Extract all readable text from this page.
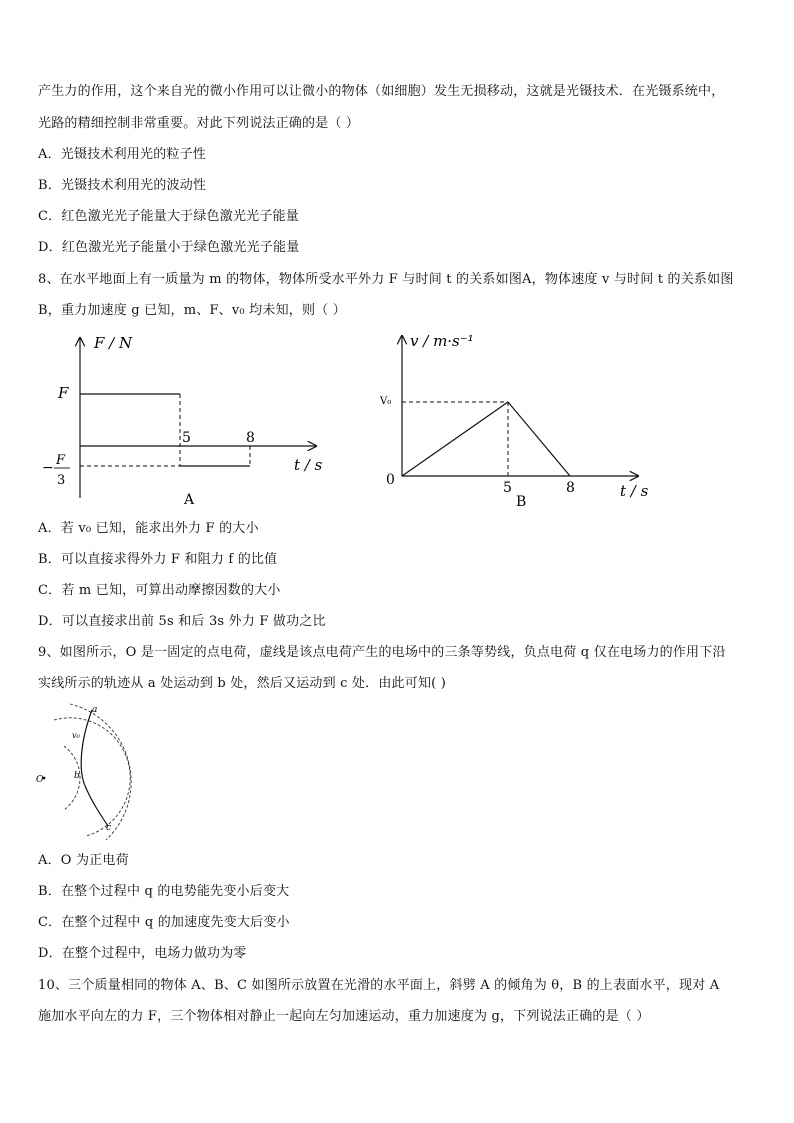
产生力的作用，这个来自光的微小作用可以让微小的物体（如细胞）发生无损移动，这就是光镊技术．在光镊系统中，
光路的精细控制非常重要。对此下列说法正确的是（ ）
A．光镊技术利用光的粒子性
B．光镊技术利用光的波动性
C．红色激光光子能量大于绿色激光光子能量
D．红色激光光子能量小于绿色激光光子能量
8、在水平地面上有一质量为 m 的物体，物体所受水平外力 F 与时间 t 的关系如图A，物体速度 v 与时间 t 的关系如图
B，重力加速度 g 已知，m、F、v₀ 均未知，则（ ）
F / N
F
5	8
t / s
− F
3
A
v / m·s⁻¹
V₀
0	5	8	t / s
B
A．若 v₀ 已知，能求出外力 F 的大小
B．可以直接求得外力 F 和阻力 f 的比值
C．若 m 已知，可算出动摩擦因数的大小
D．可以直接求出前 5s 和后 3s 外力 F 做功之比
9、如图所示，O 是一固定的点电荷，虚线是该点电荷产生的电场中的三条等势线，负点电荷 q 仅在电场力的作用下沿
实线所示的轨迹从 a 处运动到 b 处，然后又运动到 c 处．由此可知( )
O
a
v₀
b
c
A．O 为正电荷
B．在整个过程中 q 的电势能先变小后变大
C．在整个过程中 q 的加速度先变大后变小
D．在整个过程中，电场力做功为零
10、三个质量相同的物体 A、B、C 如图所示放置在光滑的水平面上，斜劈 A 的倾角为 θ，B 的上表面水平，现对 A
施加水平向左的力 F，三个物体相对静止一起向左匀加速运动，重力加速度为 g，下列说法正确的是（ ）
